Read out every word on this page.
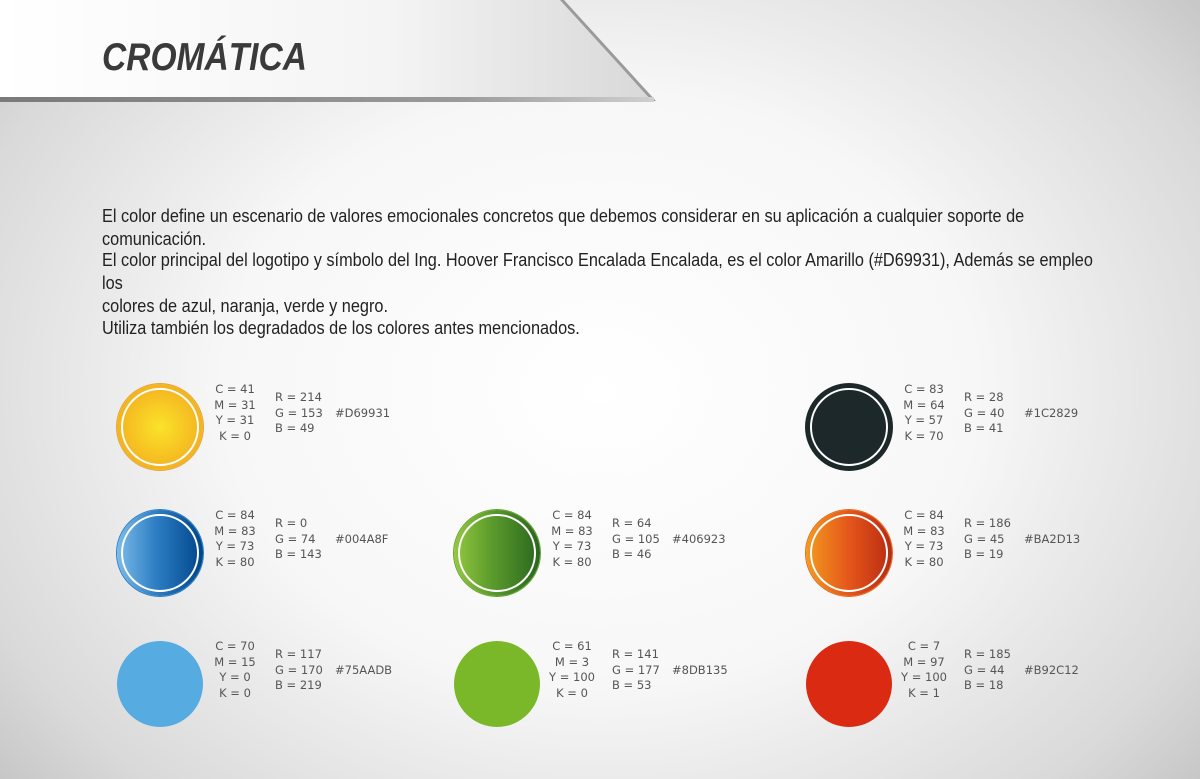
CROMÁTICA

El color define un escenario de valores emocionales concretos que debemos considerar en su aplicación a cualquier soporte de comunicación.

El color principal del logotipo y símbolo del Ing. Hoover Francisco Encalada Encalada, es el color Amarillo (#D69931), Además se empleo los

colores de azul, naranja, verde y negro.

Utiliza también los degradados de los colores antes mencionados.

C = 41
M = 31
Y = 31
K = 0
R = 214
G = 153
B = 49
#D69931
C = 83
M = 64
Y = 57
K = 70
R = 28
G = 40
B = 41
#1C2829
C = 84
M = 83
Y = 73
K = 80
R = 0
G = 74
B = 143
#004A8F
C = 84
M = 83
Y = 73
K = 80
R = 64
G = 105
B = 46
#406923
C = 84
M = 83
Y = 73
K = 80
R = 186
G = 45
B = 19
#BA2D13
C = 70
M = 15
Y = 0
K = 0
R = 117
G = 170
B = 219
#75AADB
C = 61
M = 3
Y = 100
K = 0
R = 141
G = 177
B = 53
#8DB135
C = 7
M = 97
Y = 100
K = 1
R = 185
G = 44
B = 18
#B92C12
